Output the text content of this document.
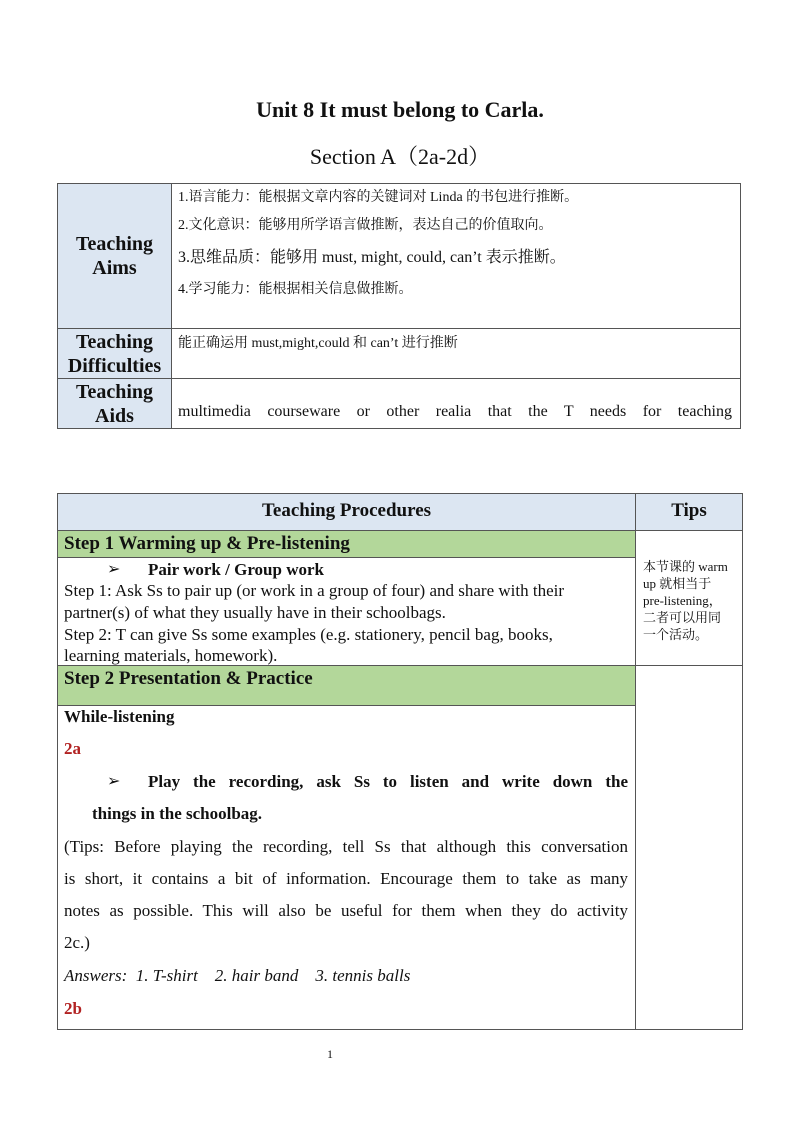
Unit 8 It must belong to Carla.
Section A（2a-2d）
Teaching Aims
1.语言能力：能根据文章内容的关键词对 Linda 的书包进行推断。
2.文化意识：能够用所学语言做推断，表达自己的价值取向。
3.思维品质：能够用 must, might, could, can’t 表示推断。
4.学习能力：能根据相关信息做推断。
Teaching Difficulties
能正确运用 must,might,could 和 can’t 进行推断
Teaching Aids	multimedia courseware or other realia that the T needs for teaching
Teaching Procedures	Tips
Step 1 Warming up & Pre-listening
➢ Pair work / Group work
Step 1: Ask Ss to pair up (or work in a group of four) and share with their
partner(s) of what they usually have in their schoolbags.
Step 2: T can give Ss some examples (e.g. stationery, pencil bag, books,
learning materials, homework).
本节课的 warm
up 就相当于
pre-listening，
二者可以用同
一个活动。
Step 2 Presentation & Practice
While-listening
2a
➢ Play the recording, ask Ss to listen and write down the
things in the schoolbag.
(Tips: Before playing the recording, tell Ss that although this conversation
is short, it contains a bit of information. Encourage them to take as many
notes as possible. This will also be useful for them when they do activity
2c.)
Answers:  1. T-shirt    2. hair band    3. tennis balls
2b
1
